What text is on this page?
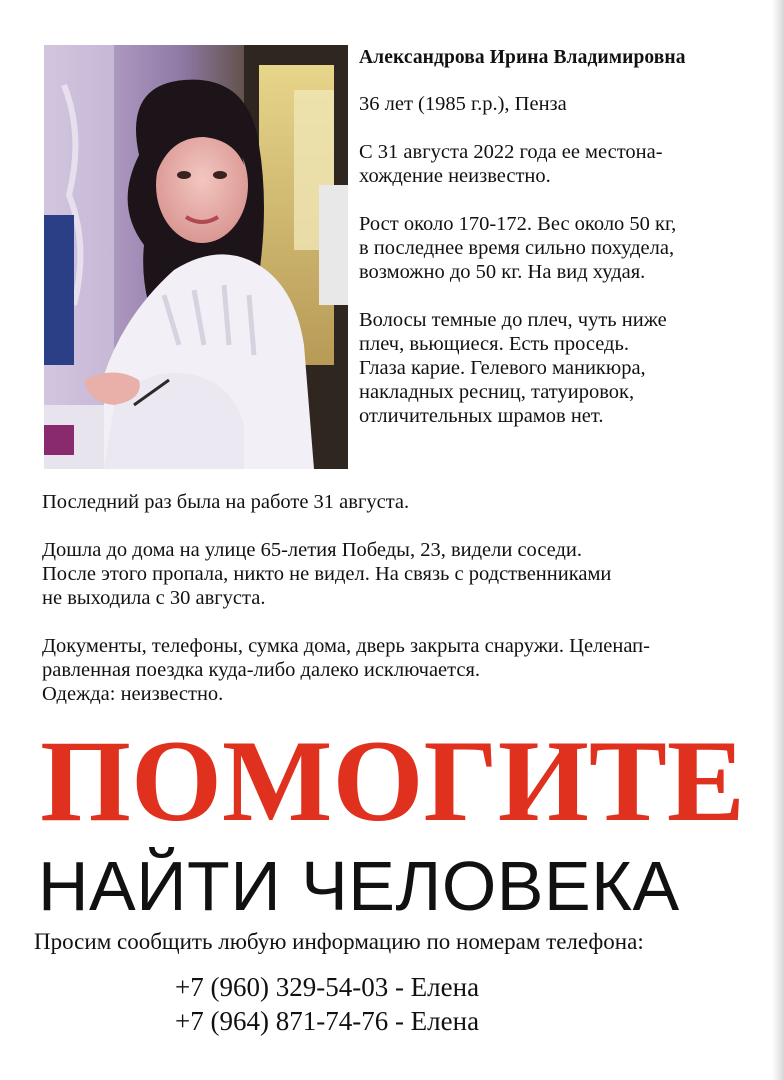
Александрова Ирина Владимировна

36 лет (1985 г.р.), Пенза

С 31 августа 2022 года ее местона-
хождение неизвестно.

Рост около 170-172. Вес около 50 кг,
в последнее время сильно похудела,
возможно до 50 кг. На вид худая.

Волосы темные до плеч, чуть ниже
плеч, вьющиеся. Есть проседь.
Глаза карие. Гелевого маникюра,
накладных ресниц, татуировок,
отличительных шрамов нет.

Последний раз была на работе 31 августа.

Дошла до дома на улице 65-летия Победы, 23, видели соседи.
После этого пропала, никто не видел. На связь с родственниками
не выходила с 30 августа.

Документы, телефоны, сумка дома, дверь закрыта снаружи. Целенап-
равленная поездка куда-либо далеко исключается.
Одежда: неизвестно.

ПОМОГИТЕ
НАЙТИ ЧЕЛОВЕКА
Просим сообщить любую информацию по номерам телефона:
+7 (960) 329-54-03 - Елена
+7 (964) 871-74-76 - Елена
